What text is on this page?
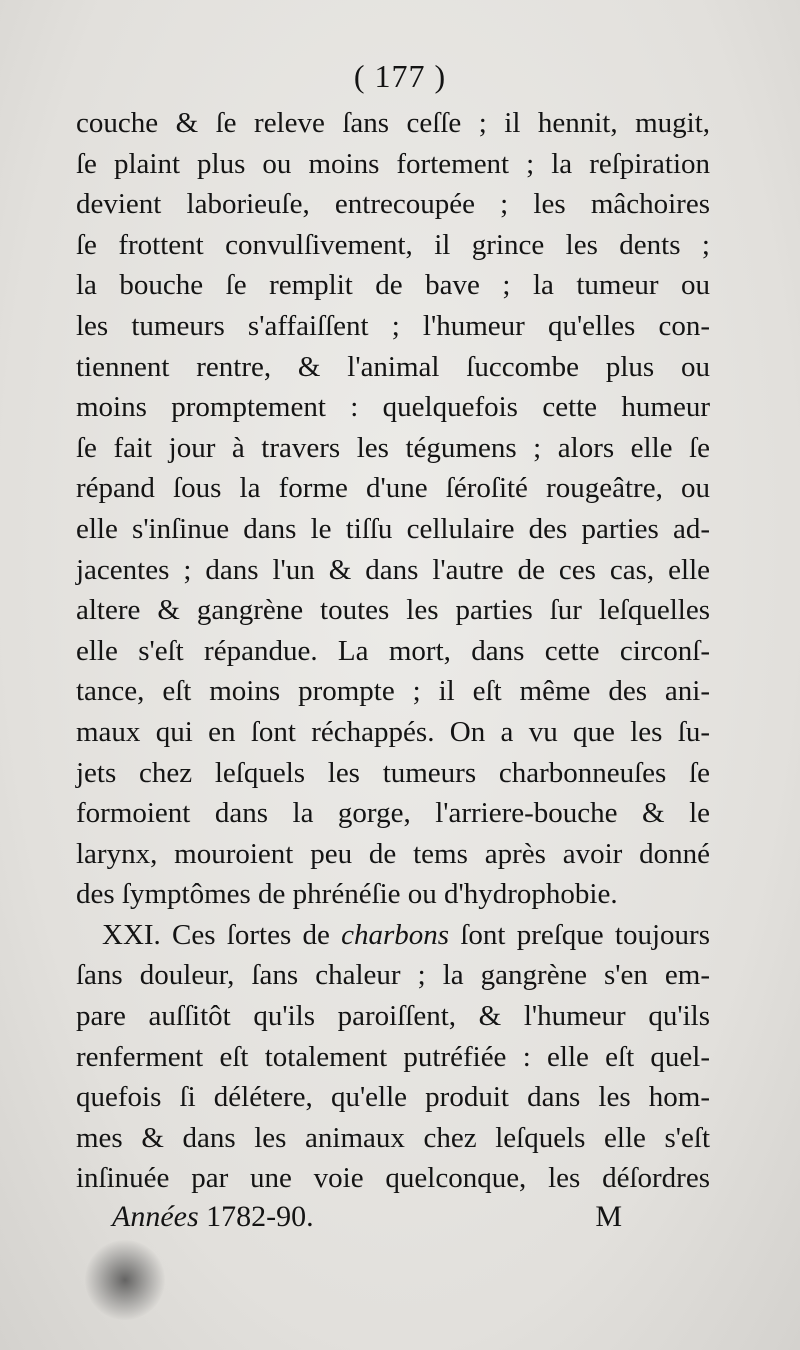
( 177 )
couche & ſe releve ſans ceſſe ; il hennit, mugit,
ſe plaint plus ou moins fortement ; la reſpiration
devient laborieuſe, entrecoupée ; les mâchoires
ſe frottent convulſivement, il grince les dents ;
la bouche ſe remplit de bave ; la tumeur ou
les tumeurs s'affaiſſent ; l'humeur qu'elles con-
tiennent rentre, & l'animal ſuccombe plus ou
moins promptement : quelquefois cette humeur
ſe fait jour à travers les tégumens ; alors elle ſe
répand ſous la forme d'une ſéroſité rougeâtre, ou
elle s'inſinue dans le tiſſu cellulaire des parties ad-
jacentes ; dans l'un & dans l'autre de ces cas, elle
altere & gangrène toutes les parties ſur leſquelles
elle s'eſt répandue. La mort, dans cette circonſ-
tance, eſt moins prompte ; il eſt même des ani-
maux qui en ſont réchappés. On a vu que les ſu-
jets chez leſquels les tumeurs charbonneuſes ſe
formoient dans la gorge, l'arriere-bouche & le
larynx, mouroient peu de tems après avoir donné
des ſymptômes de phrénéſie ou d'hydrophobie.
XXI. Ces ſortes de charbons ſont preſque toujours
ſans douleur, ſans chaleur ; la gangrène s'en em-
pare auſſitôt qu'ils paroiſſent, & l'humeur qu'ils
renferment eſt totalement putréfiée : elle eſt quel-
quefois ſi délétere, qu'elle produit dans les hom-
mes & dans les animaux chez leſquels elle s'eſt
inſinuée par une voie quelconque, les déſordres
Années 1782-90.	M
